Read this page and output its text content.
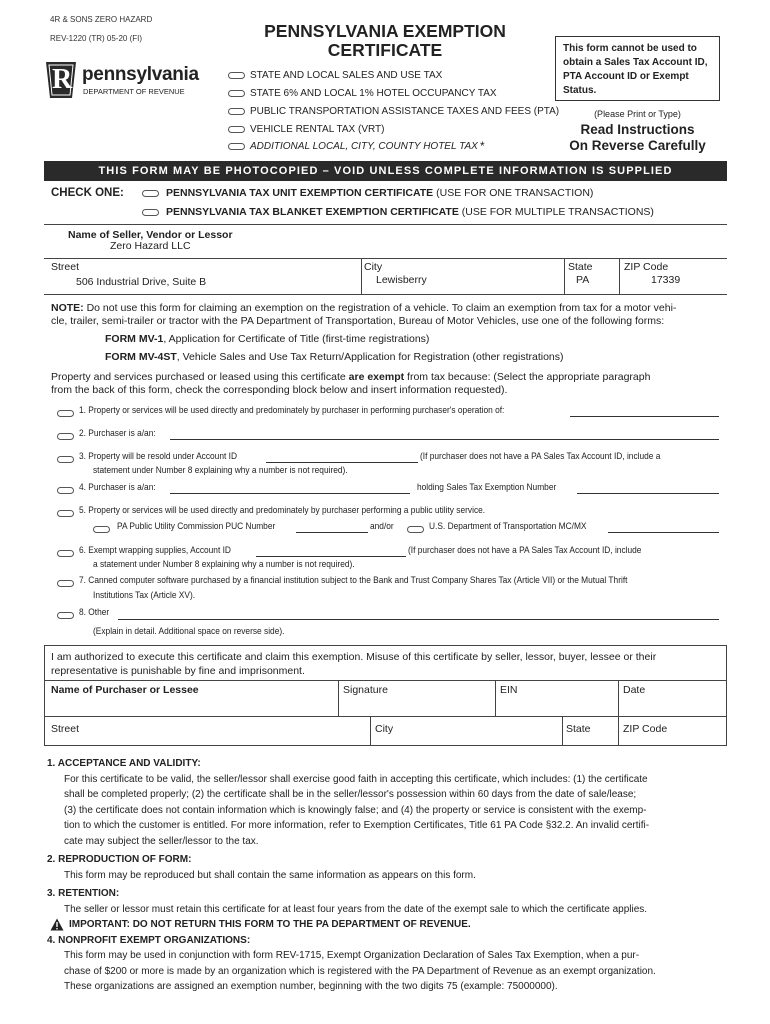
4R & SONS ZERO HAZARD
REV-1220 (TR) 05-20 (FI)
R pennsylvania
DEPARTMENT OF REVENUE
PENNSYLVANIA EXEMPTION
CERTIFICATE
STATE AND LOCAL SALES AND USE TAX
STATE 6% AND LOCAL 1% HOTEL OCCUPANCY TAX
PUBLIC TRANSPORTATION ASSISTANCE TAXES AND FEES (PTA)
VEHICLE RENTAL TAX (VRT)
ADDITIONAL LOCAL, CITY, COUNTY HOTEL TAX *
This form cannot be used to obtain a Sales Tax Account ID, PTA Account ID or Exempt Status.
(Please Print or Type)
Read Instructions
On Reverse Carefully
THIS FORM MAY BE PHOTOCOPIED – VOID UNLESS COMPLETE INFORMATION IS SUPPLIED
CHECK ONE:	PENNSYLVANIA TAX UNIT EXEMPTION CERTIFICATE (USE FOR ONE TRANSACTION)
PENNSYLVANIA TAX BLANKET EXEMPTION CERTIFICATE (USE FOR MULTIPLE TRANSACTIONS)
Name of Seller, Vendor or Lessor
Zero Hazard LLC
Street
506 Industrial Drive, Suite B
City
Lewisberry
State
PA
ZIP Code
17339
NOTE: Do not use this form for claiming an exemption on the registration of a vehicle. To claim an exemption from tax for a motor vehi-
cle, trailer, semi-trailer or tractor with the PA Department of Transportation, Bureau of Motor Vehicles, use one of the following forms:
FORM MV-1, Application for Certificate of Title (first-time registrations)
FORM MV-4ST, Vehicle Sales and Use Tax Return/Application for Registration (other registrations)
Property and services purchased or leased using this certificate are exempt from tax because: (Select the appropriate paragraph
from the back of this form, check the corresponding block below and insert information requested).
1. Property or services will be used directly and predominately by purchaser in performing purchaser's operation of:
2. Purchaser is a/an:
3. Property will be resold under Account ID	(If purchaser does not have a PA Sales Tax Account ID, include a
statement under Number 8 explaining why a number is not required).
4. Purchaser is a/an:	holding Sales Tax Exemption Number
5. Property or services will be used directly and predominately by purchaser performing a public utility service.
PA Public Utility Commission PUC Number	and/or	U.S. Department of Transportation MC/MX
6. Exempt wrapping supplies, Account ID	(If purchaser does not have a PA Sales Tax Account ID, include
a statement under Number 8 explaining why a number is not required).
7. Canned computer software purchased by a financial institution subject to the Bank and Trust Company Shares Tax (Article VII) or the Mutual Thrift
Institutions Tax (Article XV).
8. Other
(Explain in detail. Additional space on reverse side).
I am authorized to execute this certificate and claim this exemption. Misuse of this certificate by seller, lessor, buyer, lessee or their
representative is punishable by fine and imprisonment.
Name of Purchaser or Lessee	Signature	EIN	Date
Street	City	State	ZIP Code
1. ACCEPTANCE AND VALIDITY:
For this certificate to be valid, the seller/lessor shall exercise good faith in accepting this certificate, which includes: (1) the certificate
shall be completed properly; (2) the certificate shall be in the seller/lessor's possession within 60 days from the date of sale/lease;
(3) the certificate does not contain information which is knowingly false; and (4) the property or service is consistent with the exemp-
tion to which the customer is entitled. For more information, refer to Exemption Certificates, Title 61 PA Code §32.2. An invalid certifi-
cate may subject the seller/lessor to the tax.
2. REPRODUCTION OF FORM:
This form may be reproduced but shall contain the same information as appears on this form.
3. RETENTION:
The seller or lessor must retain this certificate for at least four years from the date of the exempt sale to which the certificate applies.
IMPORTANT: DO NOT RETURN THIS FORM TO THE PA DEPARTMENT OF REVENUE.
4. NONPROFIT EXEMPT ORGANIZATIONS:
This form may be used in conjunction with form REV-1715, Exempt Organization Declaration of Sales Tax Exemption, when a pur-
chase of $200 or more is made by an organization which is registered with the PA Department of Revenue as an exempt organization.
These organizations are assigned an exemption number, beginning with the two digits 75 (example: 75000000).
